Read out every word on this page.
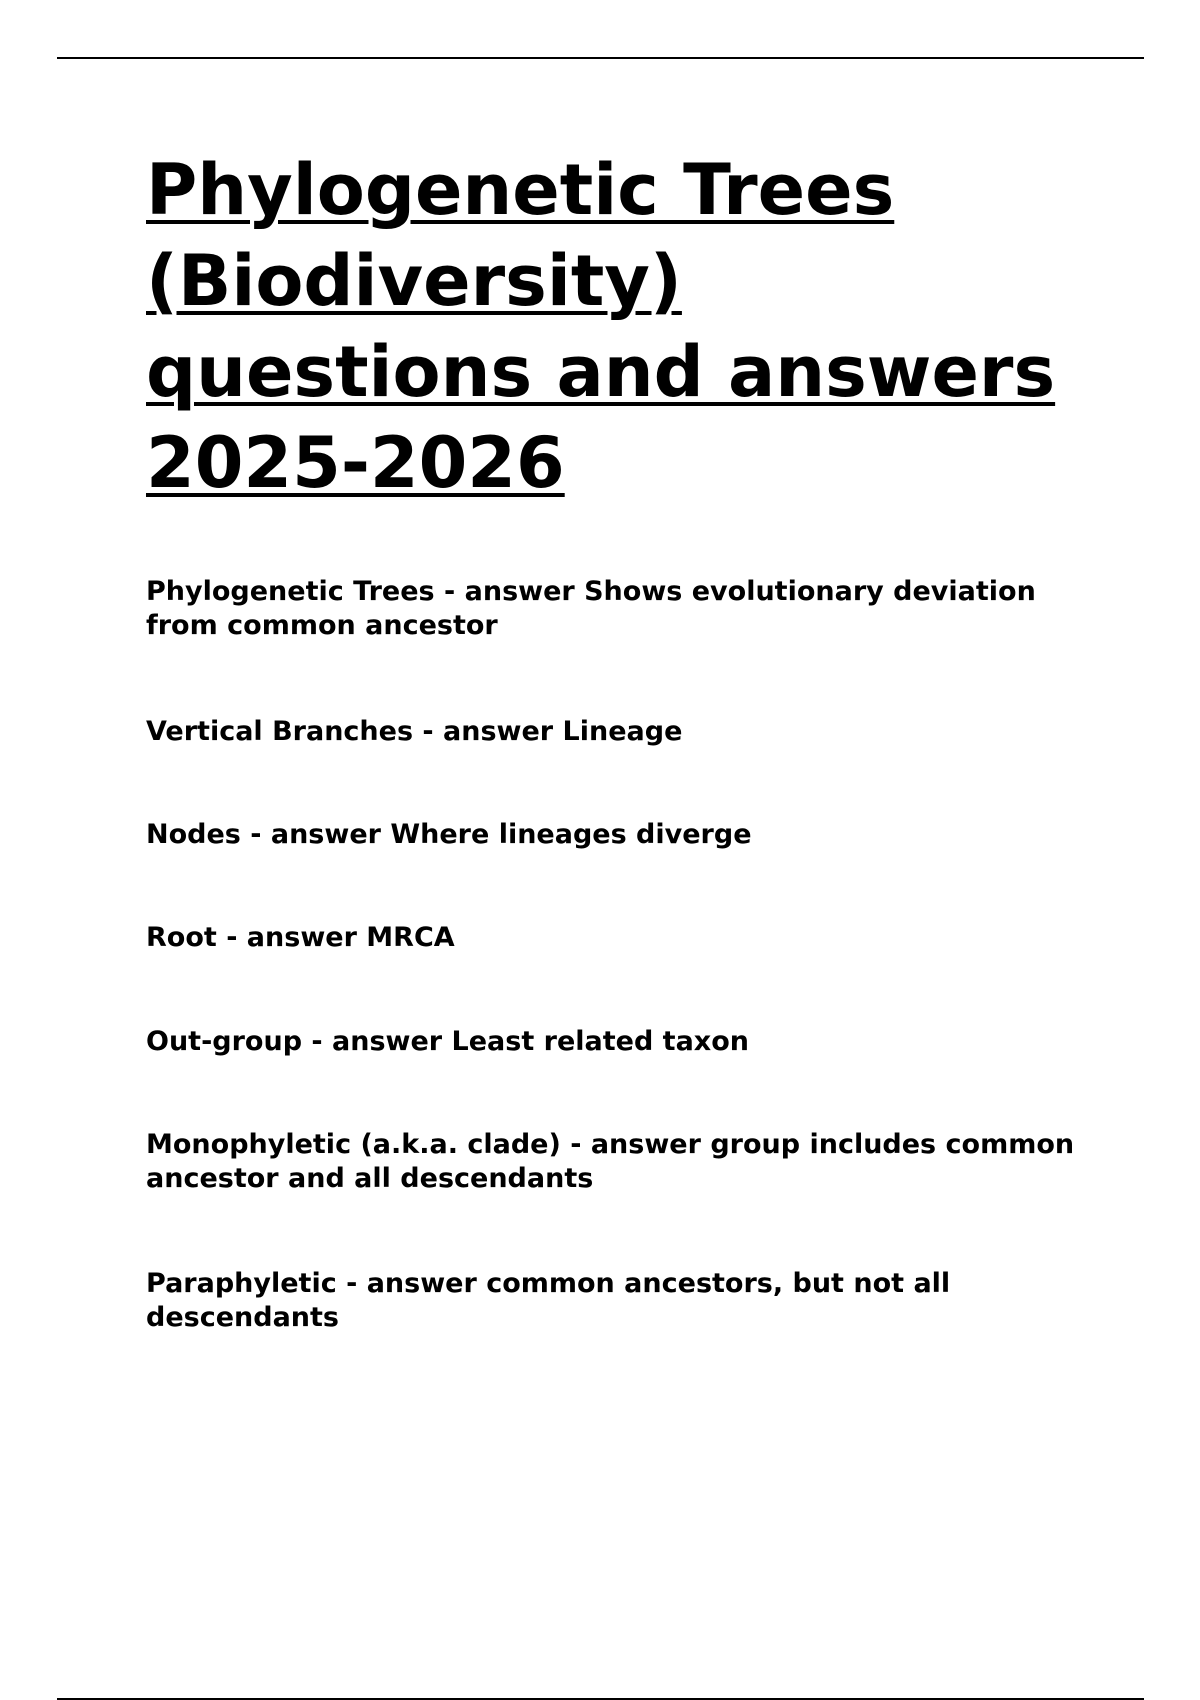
Phylogenetic Trees
(Biodiversity)
questions and answers
2025-2026
Phylogenetic Trees - answer Shows evolutionary deviation from common ancestor
Vertical Branches - answer Lineage
Nodes - answer Where lineages diverge
Root - answer MRCA
Out-group - answer Least related taxon
Monophyletic (a.k.a. clade) - answer group includes common ancestor and all descendants
Paraphyletic - answer common ancestors, but not all descendants
